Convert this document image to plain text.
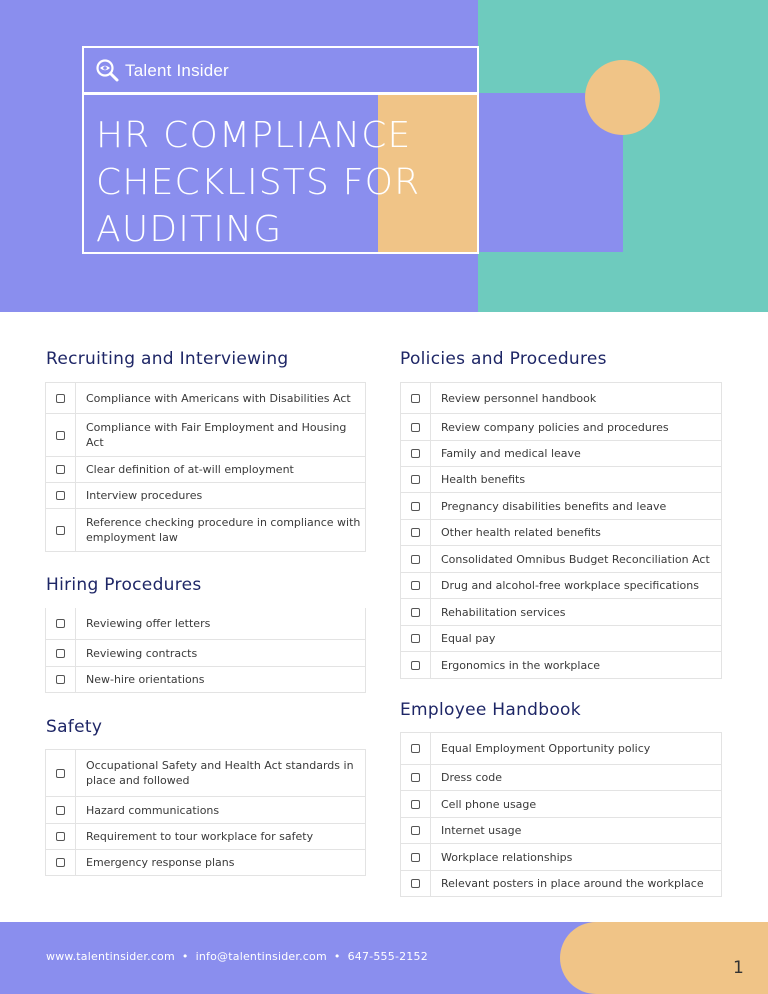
Talent Insider
HR COMPLIANCE
CHECKLISTS FOR
AUDITING
Recruiting and Interviewing
Compliance with Americans with Disabilities Act
Compliance with Fair Employment and Housing Act
Clear definition of at-will employment
Interview procedures
Reference checking procedure in compliance with employment law
Hiring Procedures
Reviewing offer letters
Reviewing contracts
New-hire orientations
Safety
Occupational Safety and Health Act standards in place and followed
Hazard communications
Requirement to tour workplace for safety
Emergency response plans
Policies and Procedures
Review personnel handbook
Review company policies and procedures
Family and medical leave
Health benefits
Pregnancy disabilities benefits and leave
Other health related benefits
Consolidated Omnibus Budget Reconciliation Act
Drug and alcohol-free workplace specifications
Rehabilitation services
Equal pay
Ergonomics in the workplace
Employee Handbook
Equal Employment Opportunity policy
Dress code
Cell phone usage
Internet usage
Workplace relationships
Relevant posters in place around the workplace
www.talentinsider.com • info@talentinsider.com • 647-555-2152
1
